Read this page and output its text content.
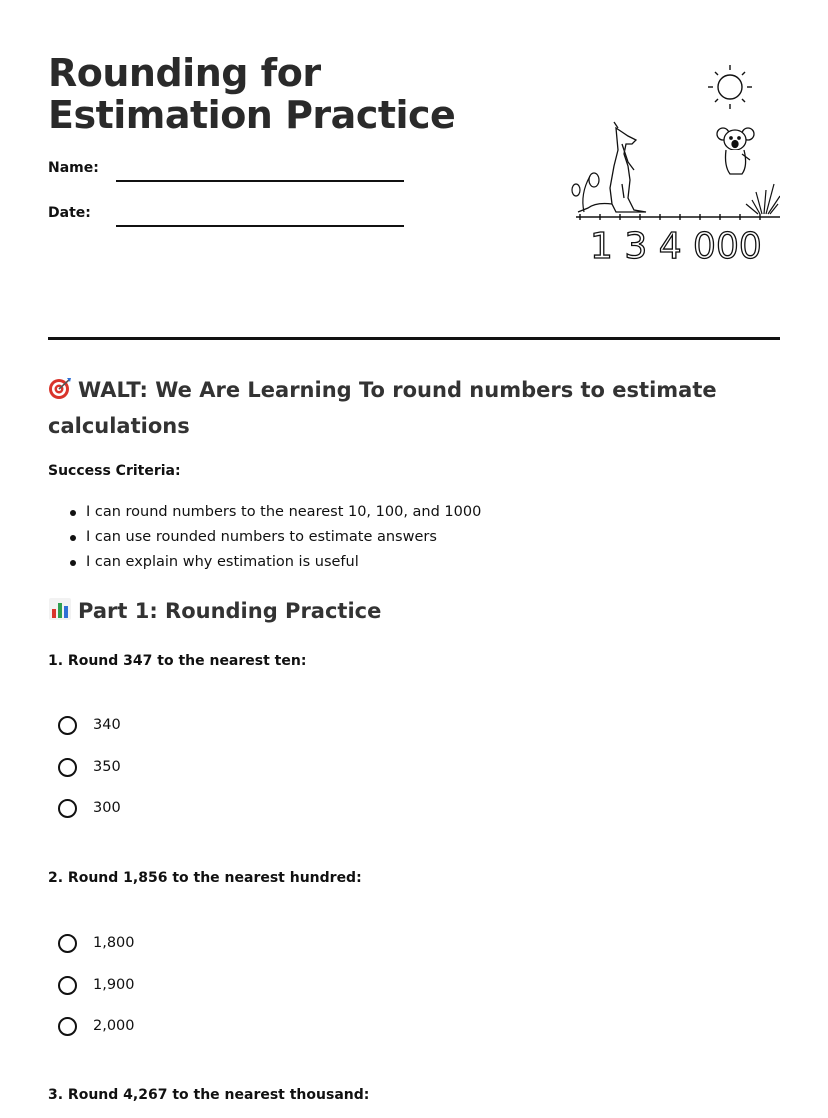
Rounding for
Estimation Practice
Name:
Date:
1 3 4 000
WALT: We Are Learning To round numbers to estimate calculations
Success Criteria:
I can round numbers to the nearest 10, 100, and 1000
I can use rounded numbers to estimate answers
I can explain why estimation is useful
Part 1: Rounding Practice
1. Round 347 to the nearest ten:
340
350
300
2. Round 1,856 to the nearest hundred:
1,800
1,900
2,000
3. Round 4,267 to the nearest thousand:
